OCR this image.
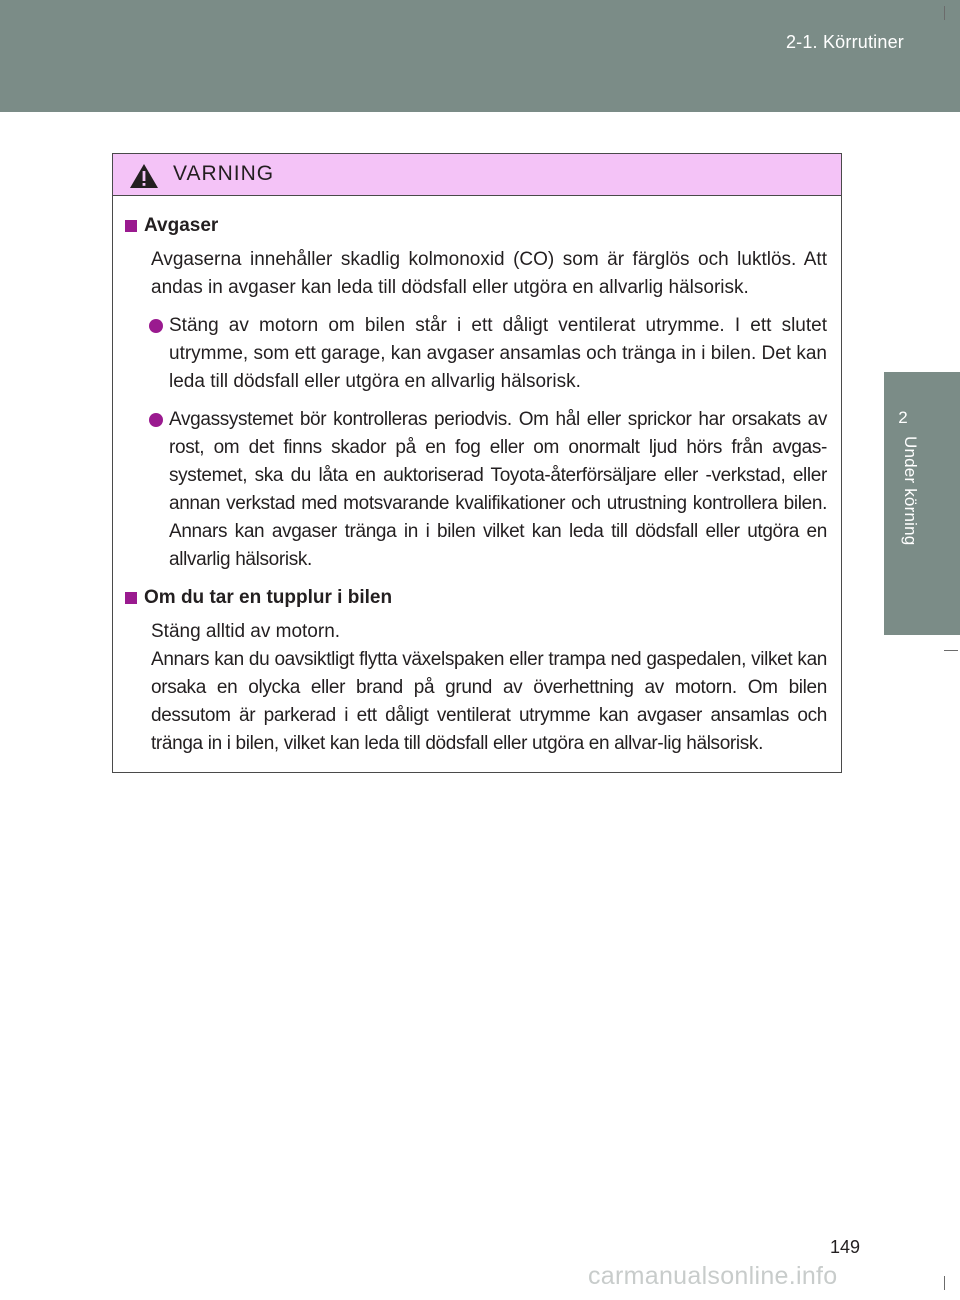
2-1. Körrutiner
2
Under körning
VARNING
Avgaser
Avgaserna innehåller skadlig kolmonoxid (CO) som är färglös och luktlös. Att andas in avgaser kan leda till dödsfall eller utgöra en allvarlig hälsorisk.
Stäng av motorn om bilen står i ett dåligt ventilerat utrymme. I ett slutet utrymme, som ett garage, kan avgaser ansamlas och tränga in i bilen. Det kan leda till dödsfall eller utgöra en allvarlig hälsorisk.
Avgassystemet bör kontrolleras periodvis. Om hål eller sprickor har orsakats av rost, om det finns skador på en fog eller om onormalt ljud hörs från avgas-systemet, ska du låta en auktoriserad Toyota-återförsäljare eller -verkstad, eller annan verkstad med motsvarande kvalifikationer och utrustning kontrollera bilen. Annars kan avgaser tränga in i bilen vilket kan leda till dödsfall eller utgöra en allvarlig hälsorisk.
Om du tar en tupplur i bilen
Stäng alltid av motorn.
Annars kan du oavsiktligt flytta växelspaken eller trampa ned gaspedalen, vilket kan orsaka en olycka eller brand på grund av överhettning av motorn. Om bilen dessutom är parkerad i ett dåligt ventilerat utrymme kan avgaser ansamlas och tränga in i bilen, vilket kan leda till dödsfall eller utgöra en allvar-lig hälsorisk.
149
carmanualsonline.info
